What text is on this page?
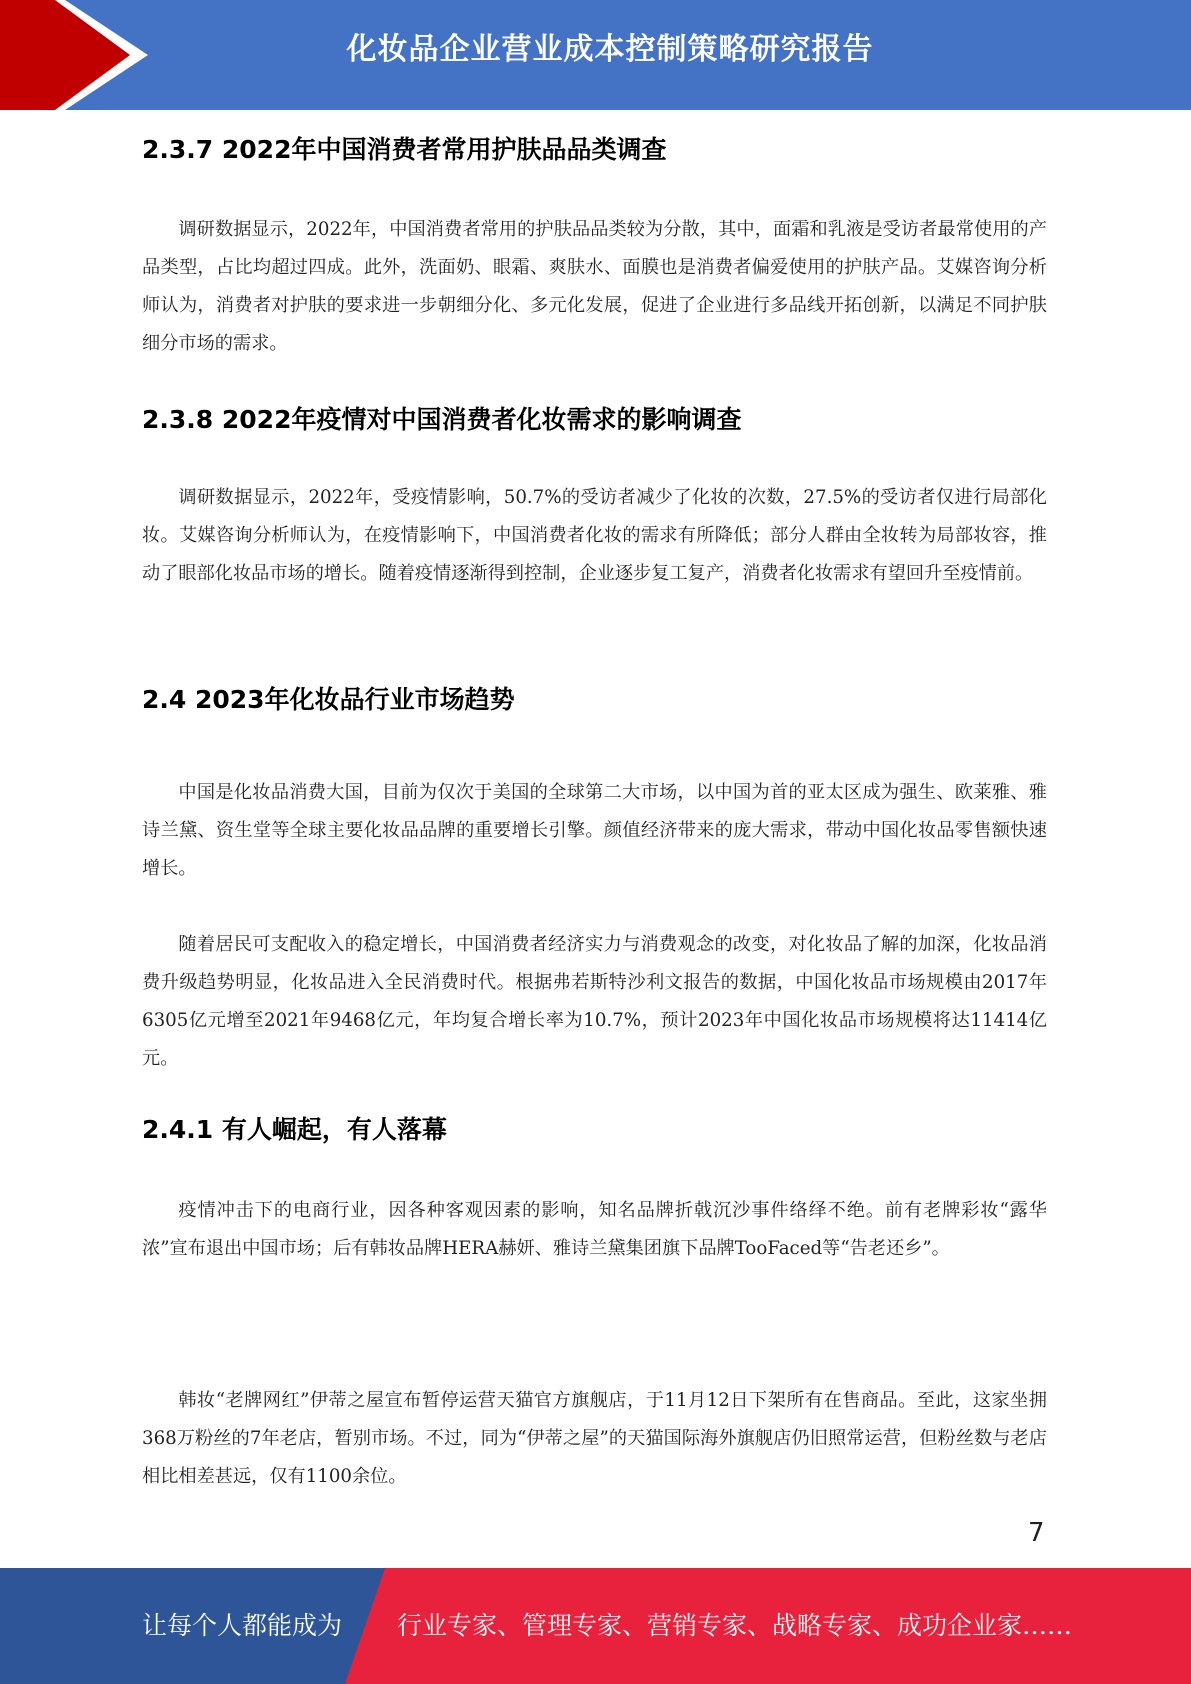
化妆品企业营业成本控制策略研究报告
2.3.7 2022年中国消费者常用护肤品品类调查

调研数据显示，2022年，中国消费者常用的护肤品品类较为分散，其中，面霜和乳液是受访者最常使用的产品类型，占比均超过四成。此外，洗面奶、眼霜、爽肤水、面膜也是消费者偏爱使用的护肤产品。艾媒咨询分析师认为，消费者对护肤的要求进一步朝细分化、多元化发展，促进了企业进行多品线开拓创新，以满足不同护肤细分市场的需求。

2.3.8 2022年疫情对中国消费者化妆需求的影响调查

调研数据显示，2022年，受疫情影响，50.7%的受访者减少了化妆的次数，27.5%的受访者仅进行局部化妆。艾媒咨询分析师认为，在疫情影响下，中国消费者化妆的需求有所降低；部分人群由全妆转为局部妆容，推动了眼部化妆品市场的增长。随着疫情逐渐得到控制，企业逐步复工复产，消费者化妆需求有望回升至疫情前。

2.4 2023年化妆品行业市场趋势

中国是化妆品消费大国，目前为仅次于美国的全球第二大市场，以中国为首的亚太区成为强生、欧莱雅、雅诗兰黛、资生堂等全球主要化妆品品牌的重要增长引擎。颜值经济带来的庞大需求，带动中国化妆品零售额快速增长。

随着居民可支配收入的稳定增长，中国消费者经济实力与消费观念的改变，对化妆品了解的加深，化妆品消费升级趋势明显，化妆品进入全民消费时代。根据弗若斯特沙利文报告的数据，中国化妆品市场规模由2017年6305亿元增至2021年9468亿元，年均复合增长率为10.7%，预计2023年中国化妆品市场规模将达11414亿元。

2.4.1 有人崛起，有人落幕

疫情冲击下的电商行业，因各种客观因素的影响，知名品牌折戟沉沙事件络绎不绝。前有老牌彩妆“露华浓”宣布退出中国市场；后有韩妆品牌HERA赫妍、雅诗兰黛集团旗下品牌TooFaced等“告老还乡”。

韩妆“老牌网红”伊蒂之屋宣布暂停运营天猫官方旗舰店，于11月12日下架所有在售商品。至此，这家坐拥368万粉丝的7年老店，暂别市场。不过，同为“伊蒂之屋”的天猫国际海外旗舰店仍旧照常运营，但粉丝数与老店相比相差甚远，仅有1100余位。

7
让每个人都能成为 行业专家、管理专家、营销专家、战略专家、成功企业家……
